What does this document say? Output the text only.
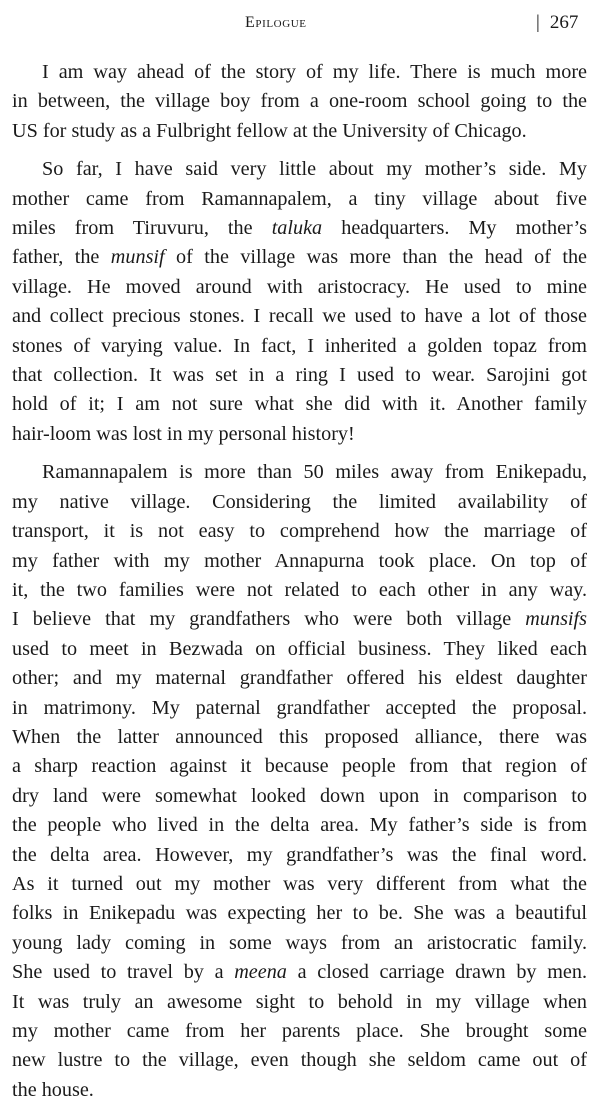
Epilogue	| 267

I am way ahead of the story of my life. There is much more
in between, the village boy from a one-room school going to the
US for study as a Fulbright fellow at the University of Chicago.

So far, I have said very little about my mother’s side. My
mother came from Ramannapalem, a tiny village about five
miles from Tiruvuru, the taluka headquarters. My mother’s
father, the munsif of the village was more than the head of the
village. He moved around with aristocracy. He used to mine
and collect precious stones. I recall we used to have a lot of those
stones of varying value. In fact, I inherited a golden topaz from
that collection. It was set in a ring I used to wear. Sarojini got
hold of it; I am not sure what she did with it. Another family
hair-loom was lost in my personal history!

Ramannapalem is more than 50 miles away from Enikepadu,
my native village. Considering the limited availability of
transport, it is not easy to comprehend how the marriage of
my father with my mother Annapurna took place. On top of
it, the two families were not related to each other in any way.
I believe that my grandfathers who were both village munsifs
used to meet in Bezwada on official business. They liked each
other; and my maternal grandfather offered his eldest daughter
in matrimony. My paternal grandfather accepted the proposal.
When the latter announced this proposed alliance, there was
a sharp reaction against it because people from that region of
dry land were somewhat looked down upon in comparison to
the people who lived in the delta area. My father’s side is from
the delta area. However, my grandfather’s was the final word.
As it turned out my mother was very different from what the
folks in Enikepadu was expecting her to be. She was a beautiful
young lady coming in some ways from an aristocratic family.
She used to travel by a meena a closed carriage drawn by men.
It was truly an awesome sight to behold in my village when
my mother came from her parents place. She brought some
new lustre to the village, even though she seldom came out of
the house.
